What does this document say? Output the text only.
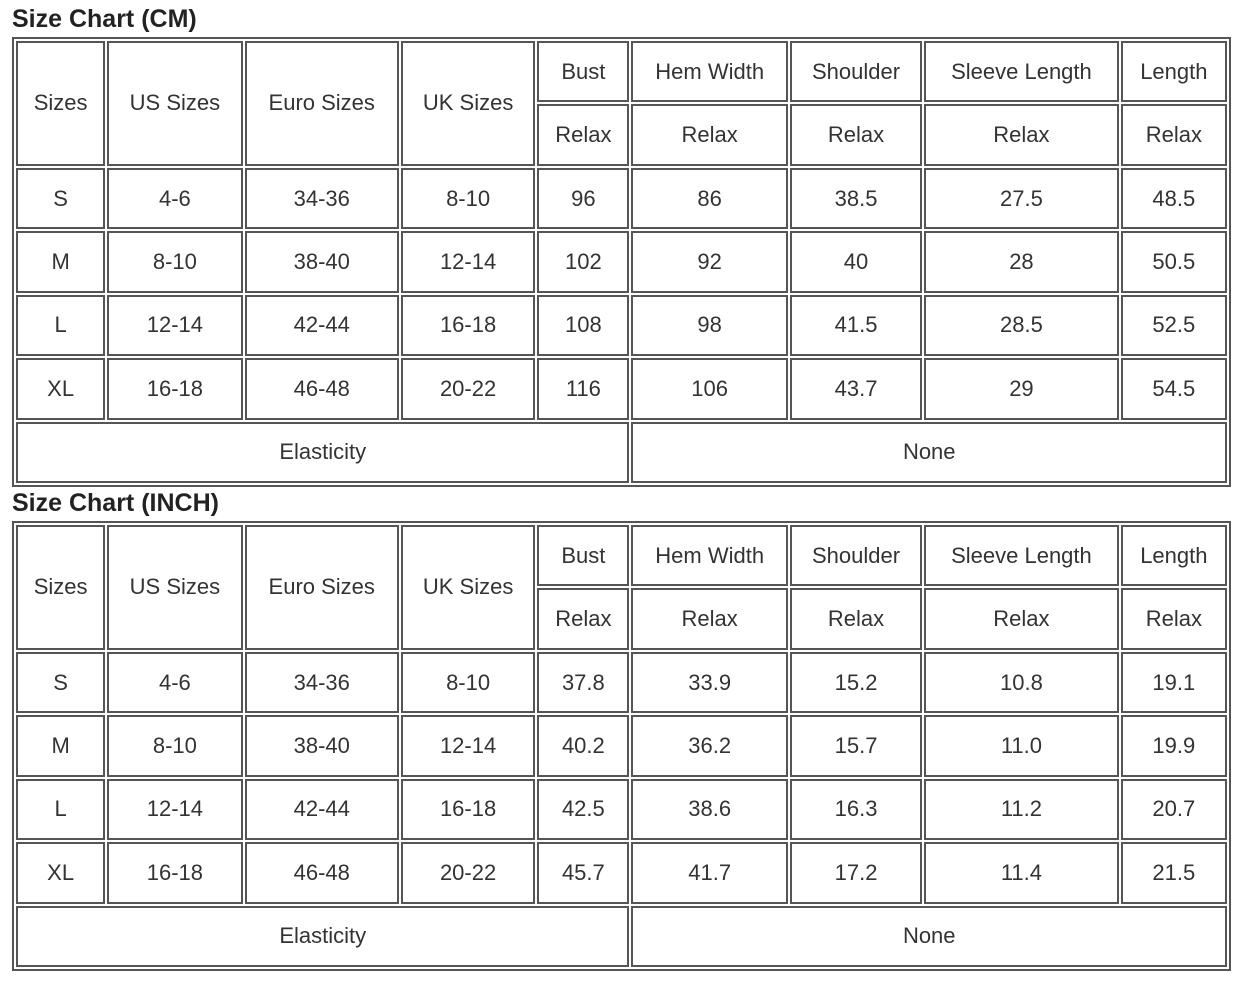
Size Chart (CM)
Sizes	US Sizes	Euro Sizes	UK Sizes	Bust	Hem Width	Shoulder	Sleeve Length	Length
				Relax	Relax	Relax	Relax	Relax
S	4-6	34-36	8-10	96	86	38.5	27.5	48.5
M	8-10	38-40	12-14	102	92	40	28	50.5
L	12-14	42-44	16-18	108	98	41.5	28.5	52.5
XL	16-18	46-48	20-22	116	106	43.7	29	54.5
Elasticity					None			
Size Chart (INCH)
Sizes	US Sizes	Euro Sizes	UK Sizes	Bust	Hem Width	Shoulder	Sleeve Length	Length
				Relax	Relax	Relax	Relax	Relax
S	4-6	34-36	8-10	37.8	33.9	15.2	10.8	19.1
M	8-10	38-40	12-14	40.2	36.2	15.7	11.0	19.9
L	12-14	42-44	16-18	42.5	38.6	16.3	11.2	20.7
XL	16-18	46-48	20-22	45.7	41.7	17.2	11.4	21.5
Elasticity					None			
